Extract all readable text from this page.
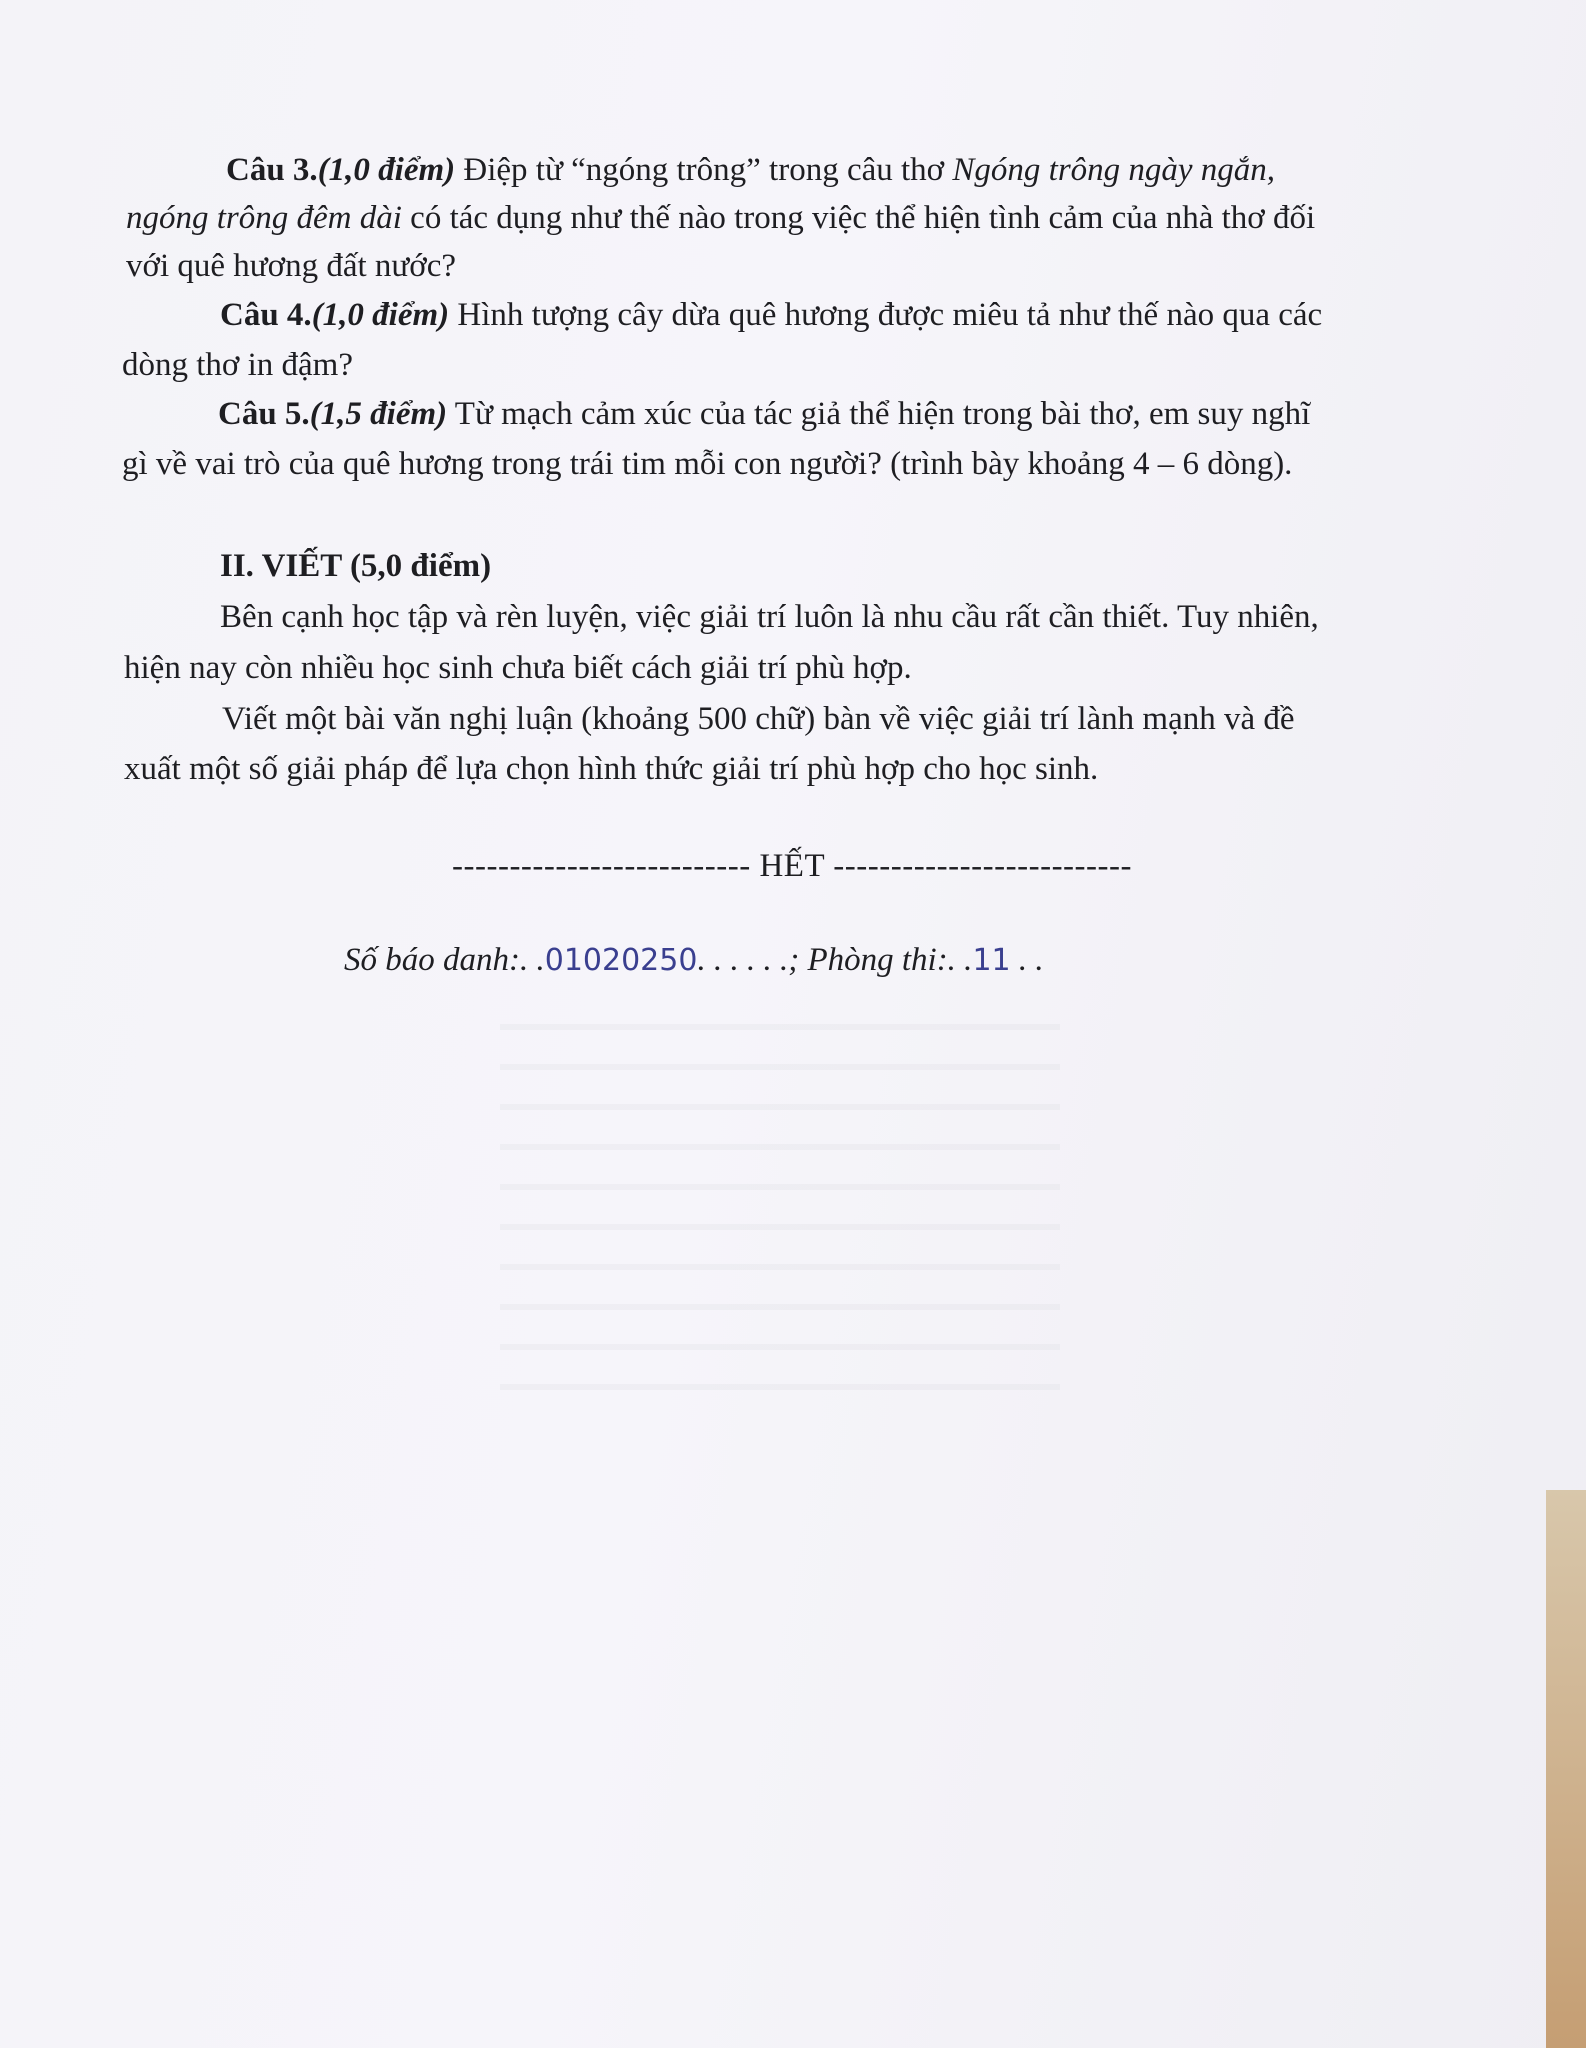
Câu 3.(1,0 điểm) Điệp từ “ngóng trông” trong câu thơ Ngóng trông ngày ngắn,
ngóng trông đêm dài có tác dụng như thế nào trong việc thể hiện tình cảm của nhà thơ đối
với quê hương đất nước?
Câu 4.(1,0 điểm) Hình tượng cây dừa quê hương được miêu tả như thế nào qua các
dòng thơ in đậm?
Câu 5.(1,5 điểm) Từ mạch cảm xúc của tác giả thể hiện trong bài thơ, em suy nghĩ
gì về vai trò của quê hương trong trái tim mỗi con người? (trình bày khoảng 4 – 6 dòng).
II. VIẾT (5,0 điểm)
Bên cạnh học tập và rèn luyện, việc giải trí luôn là nhu cầu rất cần thiết. Tuy nhiên,
hiện nay còn nhiều học sinh chưa biết cách giải trí phù hợp.
Viết một bài văn nghị luận (khoảng 500 chữ) bàn về việc giải trí lành mạnh và đề
xuất một số giải pháp để lựa chọn hình thức giải trí phù hợp cho học sinh.
-------------------------- HẾT --------------------------
Số báo danh:. .01020250. . . . . .; Phòng thi:. .11 . .
